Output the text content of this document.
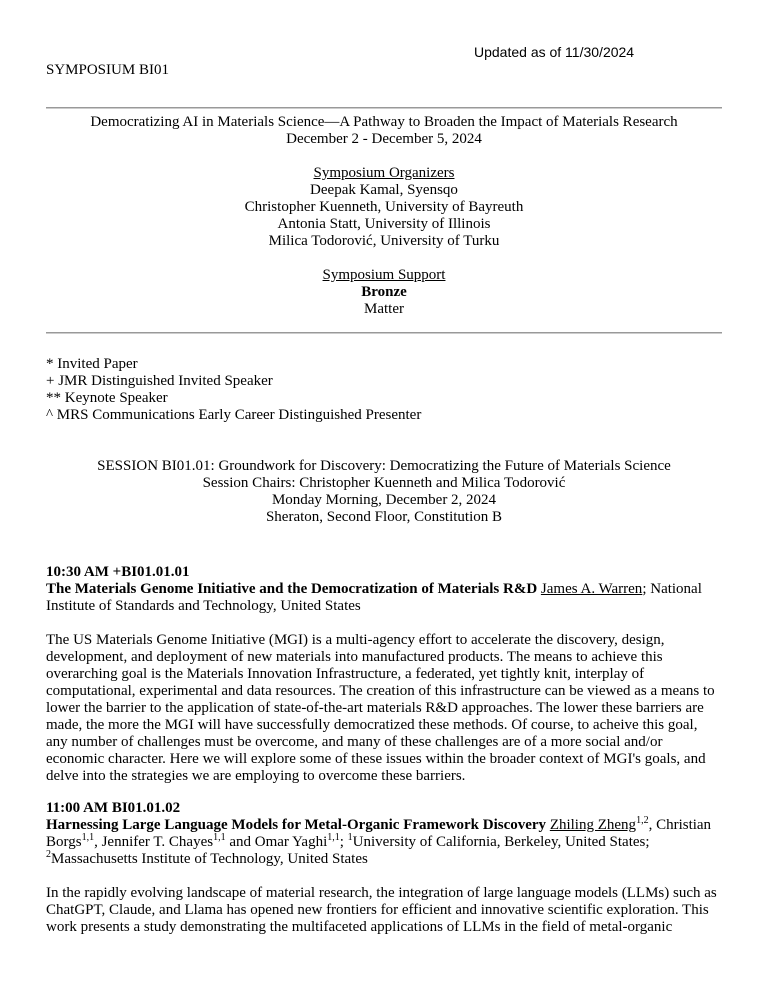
Updated as of 11/30/2024
SYMPOSIUM BI01
Democratizing AI in Materials Science—A Pathway to Broaden the Impact of Materials Research
December 2 - December 5, 2024
Symposium Organizers
Deepak Kamal, Syensqo
Christopher Kuenneth, University of Bayreuth
Antonia Statt, University of Illinois
Milica Todorović, University of Turku
Symposium Support
Bronze
Matter
* Invited Paper
+ JMR Distinguished Invited Speaker
** Keynote Speaker
^ MRS Communications Early Career Distinguished Presenter
SESSION BI01.01: Groundwork for Discovery: Democratizing the Future of Materials Science
Session Chairs: Christopher Kuenneth and Milica Todorović
Monday Morning, December 2, 2024
Sheraton, Second Floor, Constitution B

10:30 AM +BI01.01.01

The Materials Genome Initiative and the Democratization of Materials R&D James A. Warren; National Institute of Standards and Technology, United States

The US Materials Genome Initiative (MGI) is a multi-agency effort to accelerate the discovery, design, development, and deployment of new materials into manufactured products. The means to achieve this overarching goal is the Materials Innovation Infrastructure, a federated, yet tightly knit, interplay of computational, experimental and data resources. The creation of this infrastructure can be viewed as a means to lower the barrier to the application of state-of-the-art materials R&D approaches. The lower these barriers are made, the more the MGI will have successfully democratized these methods. Of course, to acheive this goal, any number of challenges must be overcome, and many of these challenges are of a more social and/or economic character. Here we will explore some of these issues within the broader context of MGI's goals, and delve into the strategies we are employing to overcome these barriers.

11:00 AM BI01.01.02

Harnessing Large Language Models for Metal-Organic Framework Discovery Zhiling Zheng$^{1,2}$, Christian Borgs$^{1,1}$, Jennifer T. Chayes$^{1,1}$ and Omar Yaghi$^{1,1}$; $^1$University of California, Berkeley, United States;
$^2$Massachusetts Institute of Technology, United States

In the rapidly evolving landscape of material research, the integration of large language models (LLMs) such as ChatGPT, Claude, and Llama has opened new frontiers for efficient and innovative scientific exploration. This work presents a study demonstrating the multifaceted applications of LLMs in the field of metal-organic
